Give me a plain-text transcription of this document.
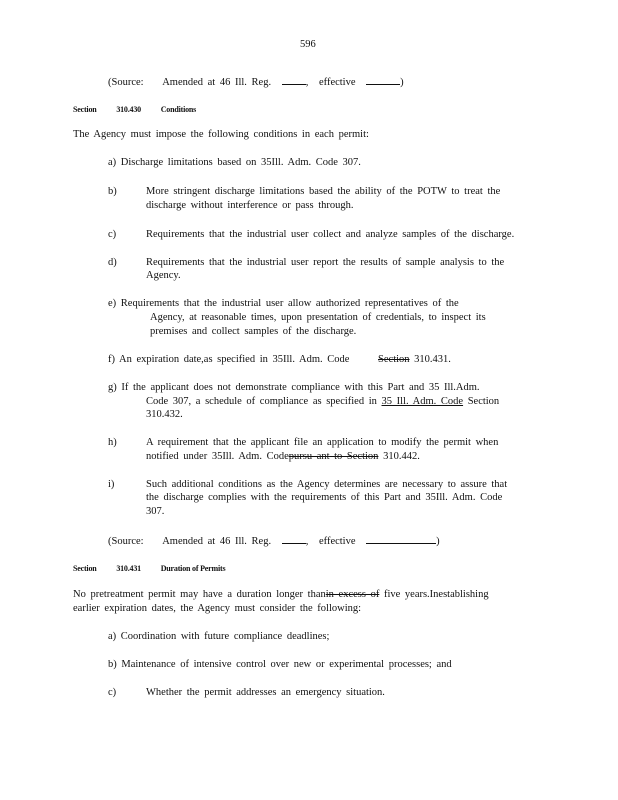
596
(Source: Amended at 46 Ill. Reg.	, effective	)
Section 310.430 Conditions
The Agency must impose the following conditions in each permit:
a) Discharge limitations based on 35Ill. Adm. Code 307.
b)	More stringent discharge limitations based the ability of the POTW to treat the
discharge without interference or pass through.
c)	Requirements that the industrial user collect and analyze samples of the discharge.
d)	Requirements that the industrial user report the results of sample analysis to the
Agency.
e) Requirements that the industrial user allow authorized representatives of the
Agency, at reasonable times, upon presentation of credentials, to inspect its
premises and collect samples of the discharge.
f) An expiration date,as specified in 35Ill. Adm. Code	Section 310.431.
g) If the applicant does not demonstrate compliance with this Part and 35 Ill.Adm.
Code 307, a schedule of compliance as specified in 35 Ill. Adm. Code Section
310.432.
h)	A requirement that the applicant file an application to modify the permit when
notified under 35Ill. Adm. Codepursu ant to Section 310.442.
i)	Such additional conditions as the Agency determines are necessary to assure that
the discharge complies with the requirements of this Part and 35Ill. Adm. Code
307.
(Source: Amended at 46 Ill. Reg.	, effective	)
Section 310.431 Duration of Permits
No pretreatment permit may have a duration longer thanin excess of five years.Inestablishing
earlier expiration dates, the Agency must consider the following:
a) Coordination with future compliance deadlines;
b) Maintenance of intensive control over new or experimental processes; and
c)	Whether the permit addresses an emergency situation.
